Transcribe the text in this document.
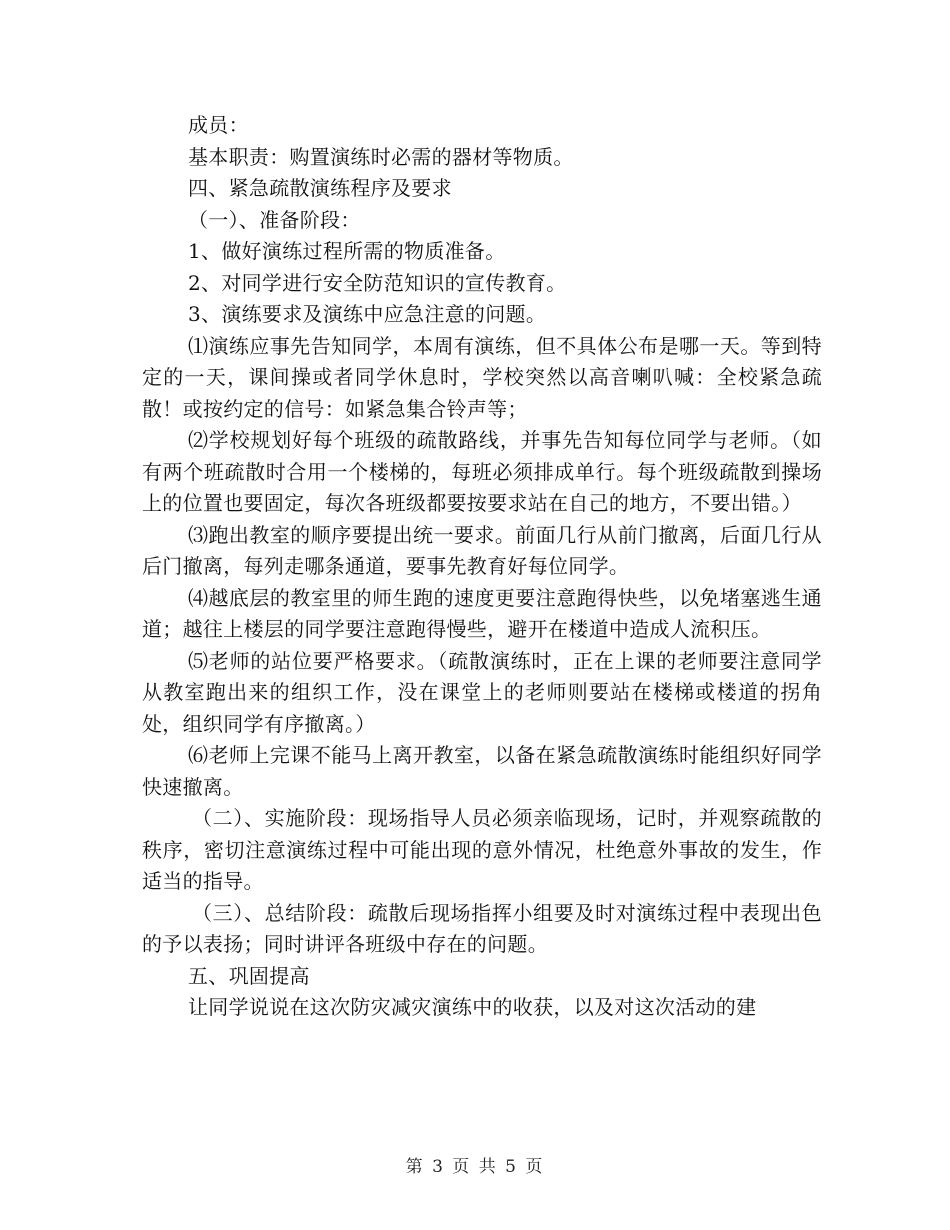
成员：

基本职责：购置演练时必需的器材等物质。

四、紧急疏散演练程序及要求

（一）、准备阶段：

1、做好演练过程所需的物质准备。

2、对同学进行安全防范知识的宣传教育。

3、演练要求及演练中应急注意的问题。

⑴演练应事先告知同学，本周有演练，但不具体公布是哪一天。等到特定的一天，课间操或者同学休息时，学校突然以高音喇叭喊：全校紧急疏散！或按约定的信号：如紧急集合铃声等；

⑵学校规划好每个班级的疏散路线，并事先告知每位同学与老师。（如有两个班疏散时合用一个楼梯的，每班必须排成单行。每个班级疏散到操场上的位置也要固定，每次各班级都要按要求站在自己的地方，不要出错。）

⑶跑出教室的顺序要提出统一要求。前面几行从前门撤离，后面几行从后门撤离，每列走哪条通道，要事先教育好每位同学。

⑷越底层的教室里的师生跑的速度更要注意跑得快些，以免堵塞逃生通道；越往上楼层的同学要注意跑得慢些，避开在楼道中造成人流积压。

⑸老师的站位要严格要求。（疏散演练时，正在上课的老师要注意同学从教室跑出来的组织工作，没在课堂上的老师则要站在楼梯或楼道的拐角处，组织同学有序撤离。）

⑹老师上完课不能马上离开教室，以备在紧急疏散演练时能组织好同学快速撤离。

（二）、实施阶段：现场指导人员必须亲临现场，记时，并观察疏散的秩序，密切注意演练过程中可能出现的意外情况，杜绝意外事故的发生，作适当的指导。

（三）、总结阶段：疏散后现场指挥小组要及时对演练过程中表现出色的予以表扬；同时讲评各班级中存在的问题。

五、巩固提高

让同学说说在这次防灾减灾演练中的收获，以及对这次活动的建

第 3 页 共 5 页
